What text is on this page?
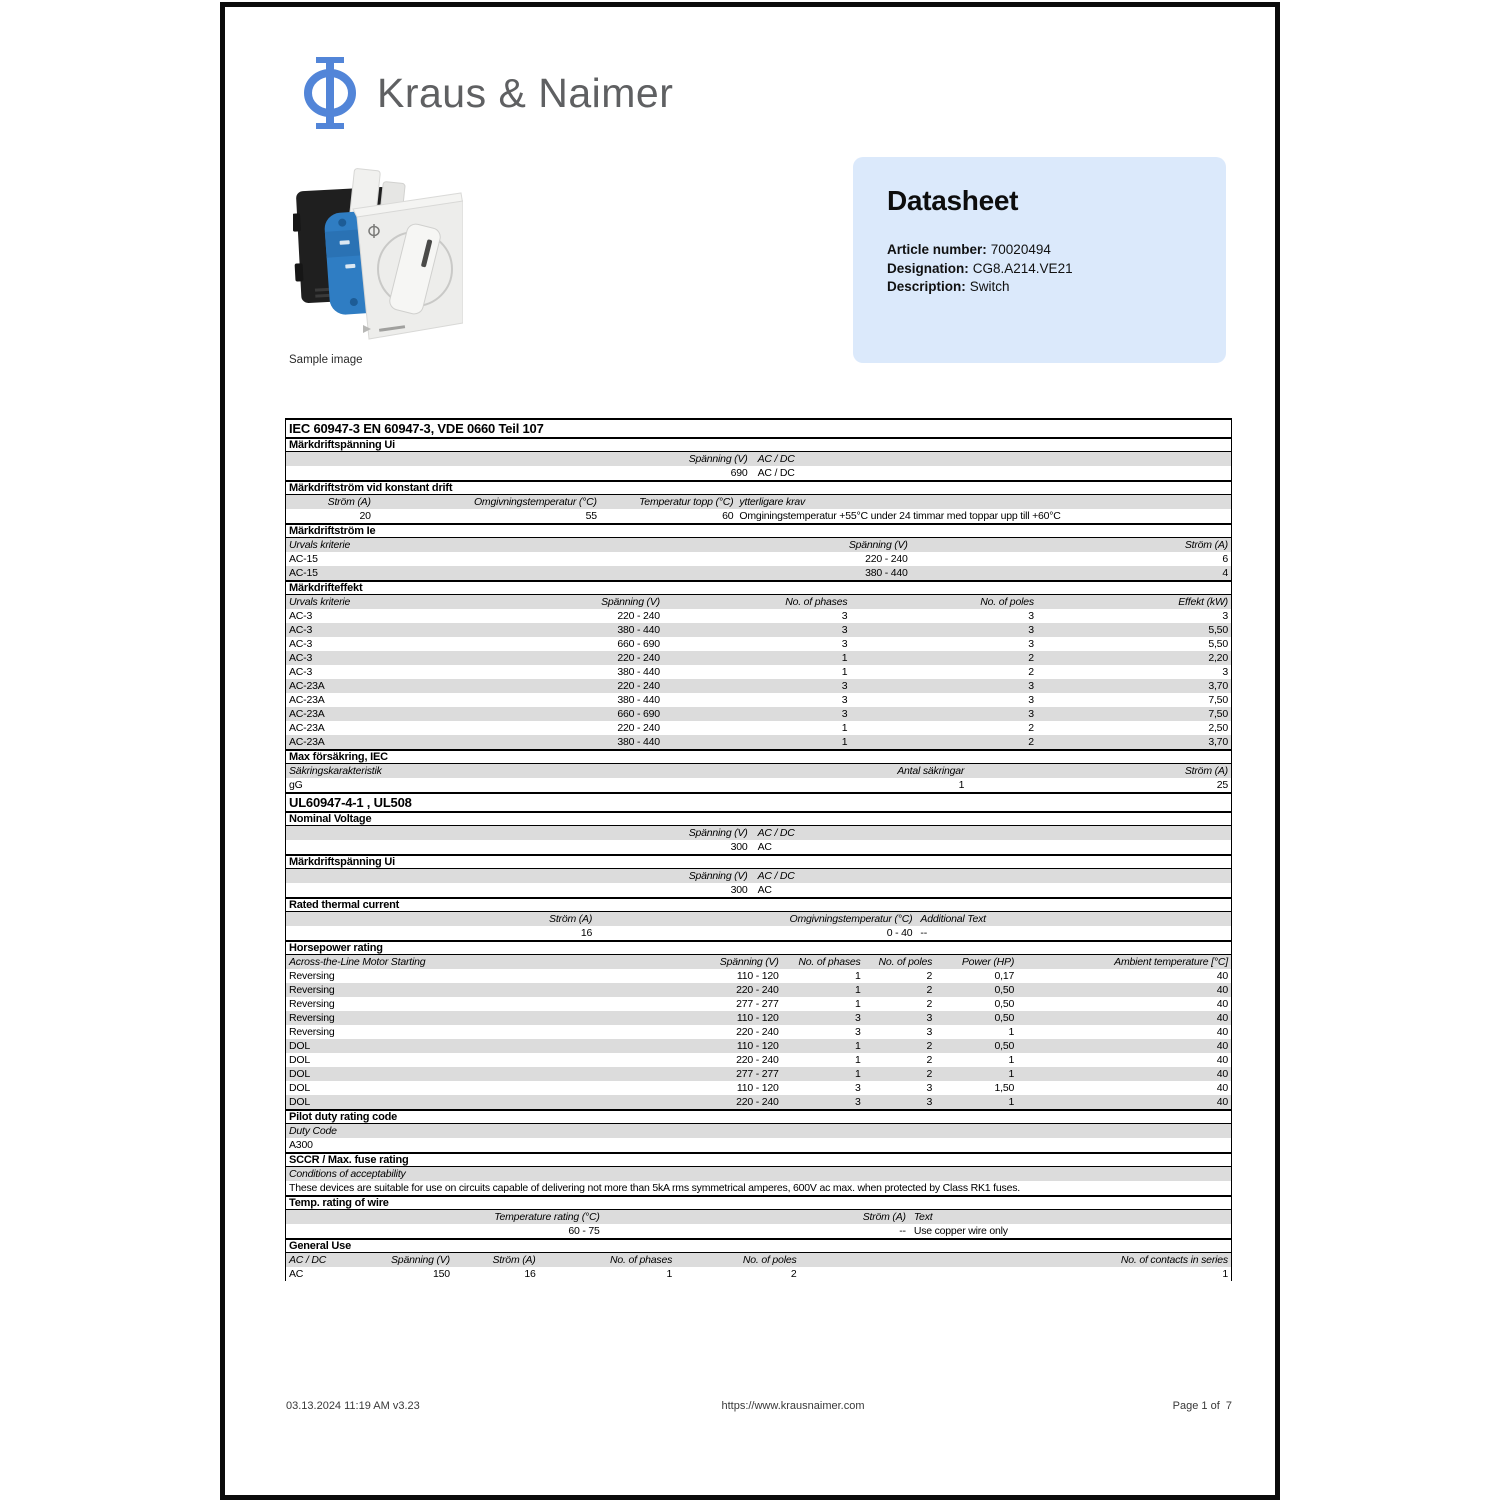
Kraus & Naimer
Sample image
Datasheet
Article number: 70020494
Designation: CG8.A214.VE21
Description: Switch
IEC 60947-3 EN 60947-3, VDE 0660 Teil 107
Märkdriftspänning Ui
Spänning (V) AC / DC
690 AC / DC
Märkdriftström vid konstant drift
Ström (A)	Omgivningstemperatur (°C)	Temperatur topp (°C) ytterligare krav
20	55	60 Omginingstemperatur +55°C under 24 timmar med toppar upp till +60°C
Märkdriftström Ie
Urvals kriterie	Spänning (V)	Ström (A)
AC-15	220 - 240	6
AC-15	380 - 440	4
Märkdrifteffekt
Urvals kriterie	Spänning (V)	No. of phases	No. of poles	Effekt (kW)
AC-3	220 - 240	3	3	3
AC-3	380 - 440	3	3	5,50
AC-3	660 - 690	3	3	5,50
AC-3	220 - 240	1	2	2,20
AC-3	380 - 440	1	2	3
AC-23A	220 - 240	3	3	3,70
AC-23A	380 - 440	3	3	7,50
AC-23A	660 - 690	3	3	7,50
AC-23A	220 - 240	1	2	2,50
AC-23A	380 - 440	1	2	3,70
Max försäkring, IEC
Säkringskarakteristik	Antal säkringar	Ström (A)
gG	1	25
UL60947-4-1 , UL508
Nominal Voltage
Spänning (V) AC / DC
300 AC
Märkdriftspänning Ui
Spänning (V) AC / DC
300 AC
Rated thermal current
Ström (A)	Omgivningstemperatur (°C) Additional Text
16	0 - 40 --
Horsepower rating
Across-the-Line Motor Starting	Spänning (V)	No. of phases	No. of poles	Power (HP)	Ambient temperature [°C]
Reversing	110 - 120	1	2	0,17	40
Reversing	220 - 240	1	2	0,50	40
Reversing	277 - 277	1	2	0,50	40
Reversing	110 - 120	3	3	0,50	40
Reversing	220 - 240	3	3	1	40
DOL	110 - 120	1	2	0,50	40
DOL	220 - 240	1	2	1	40
DOL	277 - 277	1	2	1	40
DOL	110 - 120	3	3	1,50	40
DOL	220 - 240	3	3	1	40
Pilot duty rating code
Duty Code
A300
SCCR / Max. fuse rating
Conditions of acceptability
These devices are suitable for use on circuits capable of delivering not more than 5kA rms symmetrical amperes, 600V ac max. when protected by Class RK1 fuses.
Temp. rating of wire
Temperature rating (°C)	Ström (A) Text
60 - 75	-- Use copper wire only
General Use
AC / DC	Spänning (V)	Ström (A)	No. of phases	No. of poles	No. of contacts in series
AC	150	16	1	2	1
03.13.2024 11:19 AM v3.23	https://www.krausnaimer.com	Page 1 of  7
